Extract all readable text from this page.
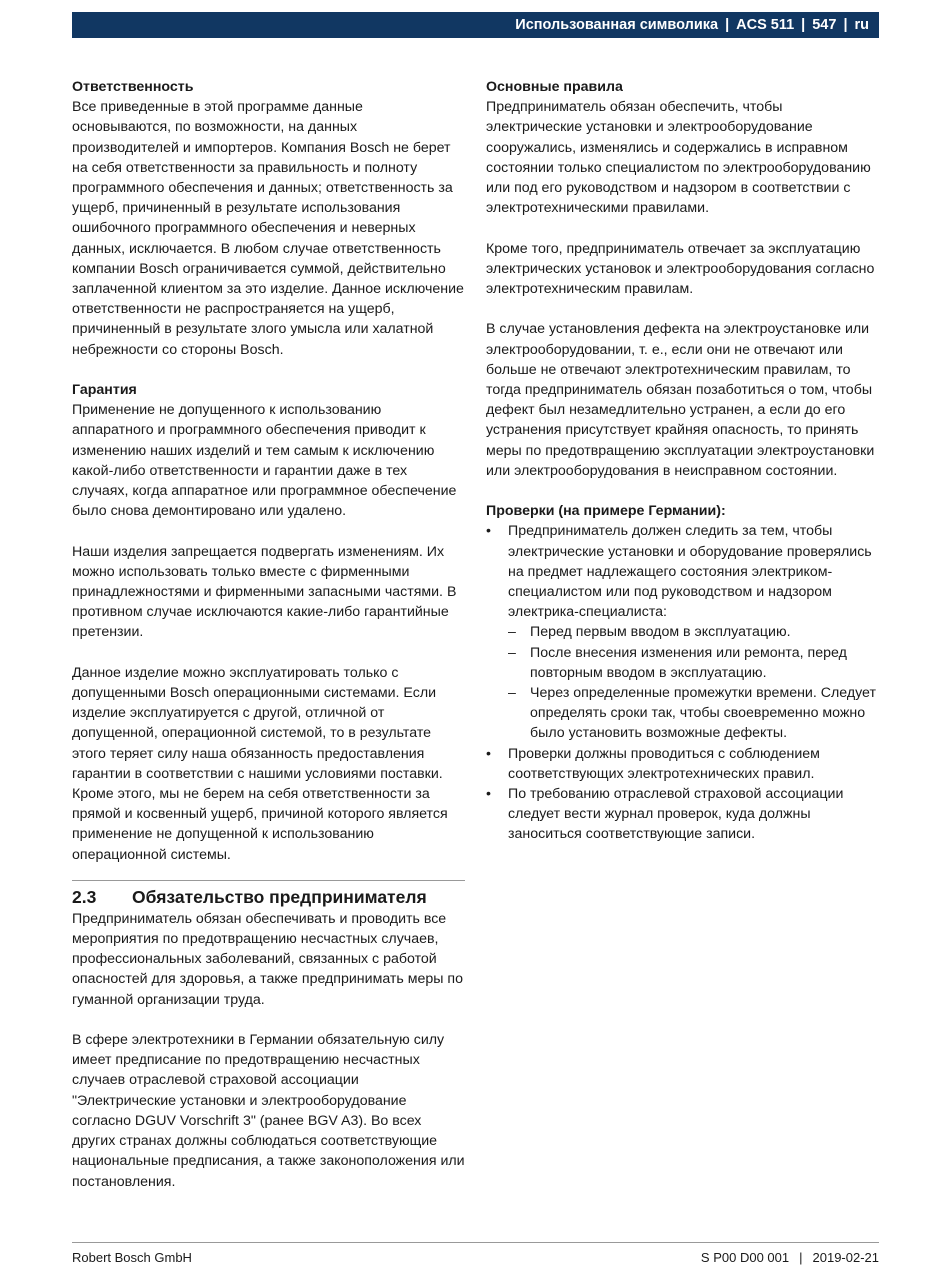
Использованная символика | ACS 511 | 547 | ru
Ответственность

Все приведенные в этой программе данные основываются, по возможности, на данных производителей и импортеров. Компания Bosch не берет на себя ответственности за правильность и полноту программного обеспечения и данных; ответственность за ущерб, причиненный в результате использования ошибочного программного обеспечения и неверных данных, исключается. В любом случае ответственность компании Bosch ограничивается суммой, действительно заплаченной клиентом за это изделие. Данное исключение ответственности не распространяется на ущерб, причиненный в результате злого умысла или халатной небрежности со стороны Bosch.

Гарантия

Применение не допущенного к использованию аппаратного и программного обеспечения приводит к изменению наших изделий и тем самым к исключению какой-либо ответственности и гарантии даже в тех случаях, когда аппаратное или программное обеспечение было снова демонтировано или удалено.

Наши изделия запрещается подвергать изменениям. Их можно использовать только вместе с фирменными принадлежностями и фирменными запасными частями. В противном случае исключаются какие-либо гарантийные претензии.

Данное изделие можно эксплуатировать только с допущенными Bosch операционными системами. Если изделие эксплуатируется с другой, отличной от допущенной, операционной системой, то в результате этого теряет силу наша обязанность предоставления гарантии в соответствии с нашими условиями поставки. Кроме этого, мы не берем на себя ответственности за прямой и косвенный ущерб, причиной которого является применение не допущенной к использованию операционной системы.

2.3 Обязательство предпринимателя

Предприниматель обязан обеспечивать и проводить все мероприятия по предотвращению несчастных случаев, профессиональных заболеваний, связанных с работой опасностей для здоровья, а также предпринимать меры по гуманной организации труда.

В сфере электротехники в Германии обязательную силу имеет предписание по предотвращению несчастных случаев отраслевой страховой ассоциации "Электрические установки и электрооборудование согласно DGUV Vorschrift 3" (ранее BGV A3). Во всех других странах должны соблюдаться соответствующие национальные предписания, а также законоположения или постановления.

Основные правила

Предприниматель обязан обеспечить, чтобы электрические установки и электрооборудование сооружались, изменялись и содержались в исправном состоянии только специалистом по электрооборудованию или под его руководством и надзором в соответствии с электротехническими правилами.

Кроме того, предприниматель отвечает за эксплуатацию электрических установок и электрооборудования согласно электротехническим правилам.

В случае установления дефекта на электроустановке или электрооборудовании, т. е., если они не отвечают или больше не отвечают электротехническим правилам, то тогда предприниматель обязан позаботиться о том, чтобы дефект был незамедлительно устранен, а если до его устранения присутствует крайняя опасность, то принять меры по предотвращению эксплуатации электроустановки или электрооборудования в неисправном состоянии.

Проверки (на примере Германии):
• Предприниматель должен следить за тем, чтобы электрические установки и оборудование проверялись на предмет надлежащего состояния электриком-специалистом или под руководством и надзором электрика-специалиста:
– Перед первым вводом в эксплуатацию.
– После внесения изменения или ремонта, перед повторным вводом в эксплуатацию.
– Через определенные промежутки времени. Следует определять сроки так, чтобы своевременно можно было установить возможные дефекты.
• Проверки должны проводиться с соблюдением соответствующих электротехнических правил.
• По требованию отраслевой страховой ассоциации следует вести журнал проверок, куда должны заноситься соответствующие записи.
Robert Bosch GmbH	S P00 D00 001 | 2019-02-21
